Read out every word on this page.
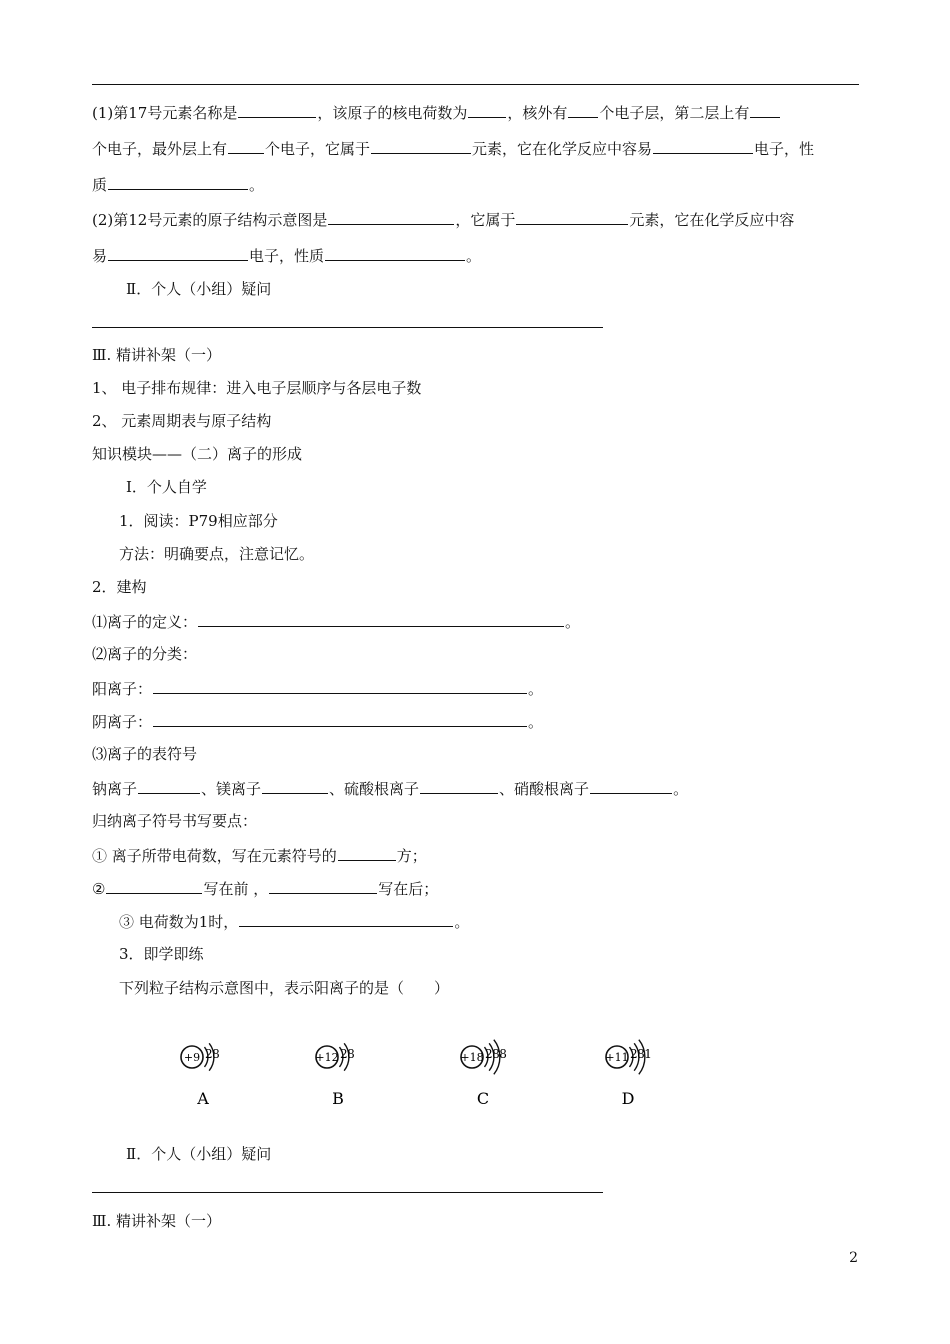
(1)第17号元素名称是	，该原子的核电荷数为	，核外有 个电子层，第二层上有
个电子，最外层上有	个电子，它属于	元素，它在化学反应中容易	电子，性
质	。
(2)第12号元素的原子结构示意图是	，它属于	元素，它在化学反应中容
易	电子，性质	。
Ⅱ．个人（小组）疑问
Ⅲ. 精讲补架（一）
1、 电子排布规律：进入电子层顺序与各层电子数
2、 元素周期表与原子结构
知识模块——（二）离子的形成
Ⅰ．个人自学
1．阅读：P79相应部分
方法：明确要点，注意记忆。
2．建构
⑴离子的定义：	。
⑵离子的分类：
阳离子：	。
阴离子：	。
⑶离子的表符号
钠离子	、镁离子	、硫酸根离子	、硝酸根离子	。
归纳离子符号书写要点：
① 离子所带电荷数，写在元素符号的	方；
②	写在前 ，	写在后；
③ 电荷数为1时，	。
3．即学即练
下列粒子结构示意图中，表示阳离子的是（　　）
+9 28
A
+12 28
B
+18 288
C
+11 281
D
Ⅱ．个人（小组）疑问
Ⅲ. 精讲补架（一）
2
